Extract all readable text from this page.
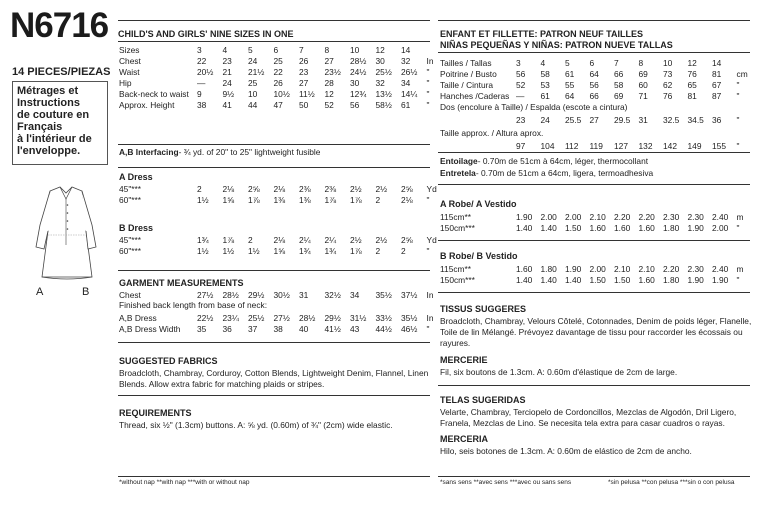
N6716
14 PIECES/PIEZAS
Métrages et
Instructions
de couture en
Français
à l'intérieur de
l'enveloppe.
A	B
CHILD'S AND GIRLS' NINE SIZES IN ONE
Sizes	3	4	5	6	7	8	10	12	14	
Chest	22	23	24	25	26	27	28½	30	32	In
Waist	20½	21	21½	22	23	23½	24½	25½	26½	"
Hip	—	24	25	26	27	28	30	32	34	"
Back-neck to waist	9	9½	10	10½	11½	12	12¾	13½	14¼	"
Approx. Height	38	41	44	47	50	52	56	58½	61	"
A,B Interfacing- ¾ yd. of 20" to 25" lightweight fusible
A Dress
45"***	2	2⅛	2⅝	2⅛	2⅜	2⅜	2½	2½	2⅝	Yd
60"***	1½	1⅝	1⅞	1⅜	1⅜	1⅞	1⅞	2	2⅛	"
B Dress
45"***	1¾	1⅞	2	2⅛	2¼	2¼	2½	2½	2⅝	Yd
60"***	1½	1½	1½	1⅝	1¾	1¾	1⅞	2	2	"
GARMENT MEASUREMENTS
Chest	27½	28½	29½	30½	31	32½	34	35½	37½	In
Finished back length from base of neck:
A,B Dress	22½	23¼	25½	27½	28½	29½	31½	33½	35½	In
A,B Dress Width	35	36	37	38	40	41½	43	44½	46½	"
SUGGESTED FABRICS
Broadcloth, Chambray, Corduroy, Cotton Blends, Lightweight Denim, Flannel, Linen Blends. Allow extra fabric for matching plaids or stripes.
REQUIREMENTS
Thread, six ½" (1.3cm) buttons. A: ⅝ yd. (0.60m) of ¾" (2cm) wide elastic.
*without nap **with nap ***with or without nap
ENFANT ET FILLETTE: PATRON NEUF TAILLES
NIÑAS PEQUEÑAS Y NIÑAS: PATRON NUEVE TALLAS
Tailles / Tallas	3	4	5	6	7	8	10	12	14	
Poitrine / Busto	56	58	61	64	66	69	73	76	81	cm
Taille / Cintura	52	53	55	56	58	60	62	65	67	"
Hanches /Caderas	—	61	64	66	69	71	76	81	87	"
Dos (encolure à Taille) / Espalda (escote a cintura)
	23	24	25.5	27	29.5	31	32.5	34.5	36	"
Taille approx. / Altura aprox.
	97	104	112	119	127	132	142	149	155	"
Entoilage- 0.70m de 51cm à 64cm, léger, thermocollant
Entretela- 0.70m de 51cm a 64cm, ligera, termoadhesiva
A Robe/ A Vestido
115cm**	1.90	2.00	2.00	2.10	2.20	2.20	2.30	2.30	2.40	m
150cm***	1.40	1.40	1.50	1.60	1.60	1.60	1.80	1.90	2.00	"
B Robe/ B Vestido
115cm**	1.60	1.80	1.90	2.00	2.10	2.10	2.20	2.30	2.40	m
150cm***	1.40	1.40	1.40	1.50	1.50	1.60	1.80	1.90	1.90	"
TISSUS SUGGERES
Broadcloth, Chambray, Velours Côtelé, Cotonnades, Denim de poids léger, Flanelle, Toile de lin Mélangé. Prévoyez davantage de tissu pour raccorder les écossais ou rayures.
MERCERIE
Fil, six boutons de 1.3cm. A: 0.60m d'élastique de 2cm de large.
TELAS SUGERIDAS
Velarte, Chambray, Terciopelo de Cordoncillos, Mezclas de Algodón, Dril Ligero, Franela, Mezclas de Lino. Se necesita tela extra para casar cuadros o rayas.
MERCERIA
Hilo, seis botones de 1.3cm. A: 0.60m de elástico de 2cm de ancho.
*sans sens **avec sens ***avec ou sans sens	*sin pelusa **con pelusa ***sin o con pelusa
